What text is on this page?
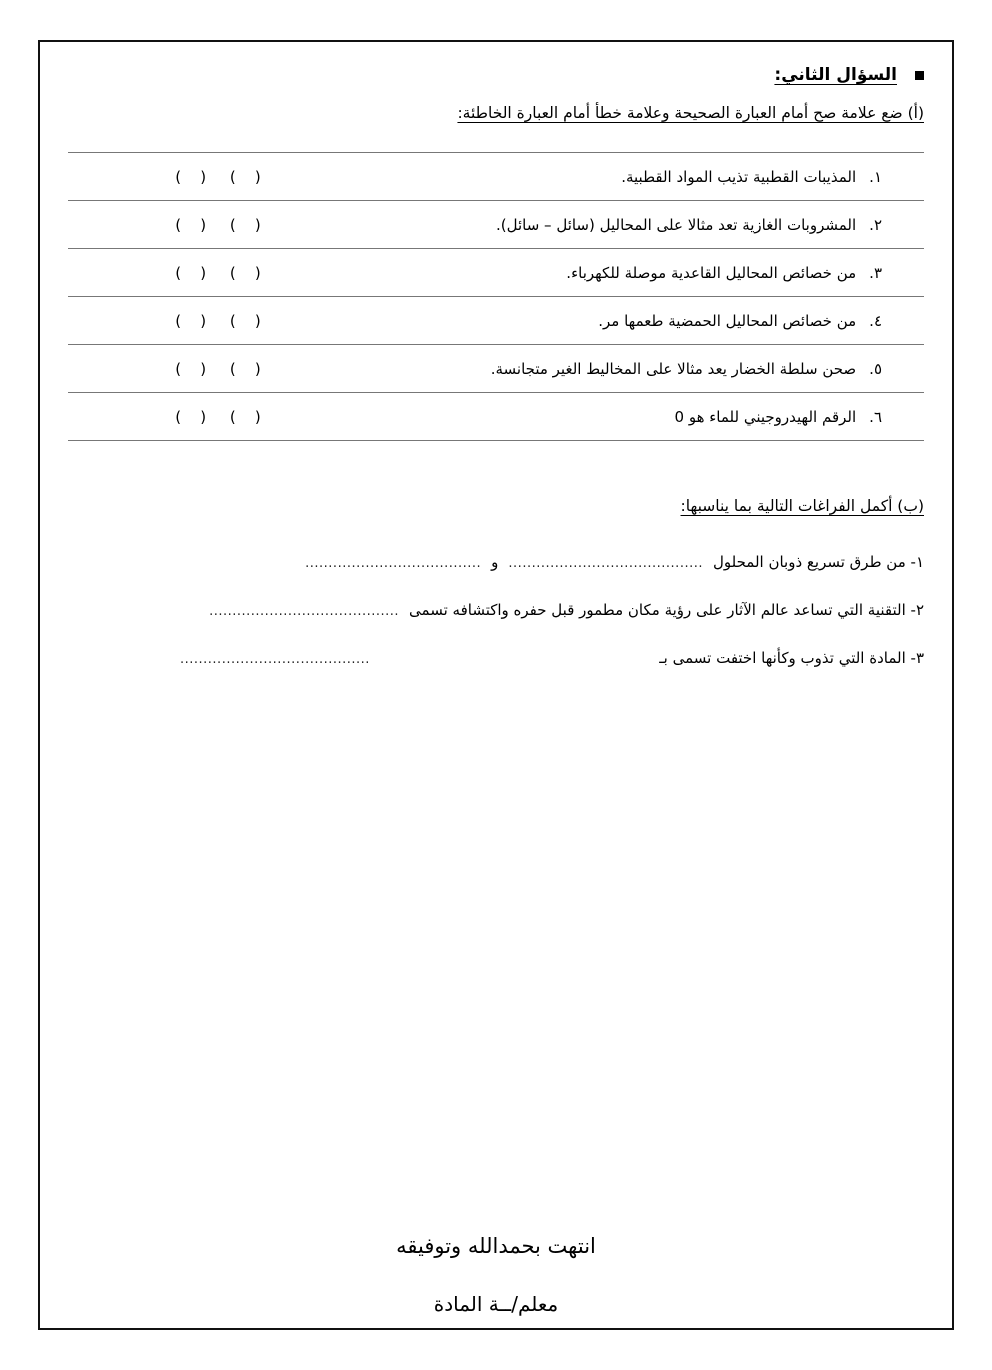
السؤال الثاني:
(أ) ضع علامة صح أمام العبارة الصحيحة وعلامة خطأ أمام العبارة الخاطئة:
١.
المذيبات القطبية تذيب المواد القطبية.
(    )     (    )
٢.
المشروبات الغازية تعد مثالا على المحاليل (سائل – سائل).
(    )     (    )
٣.
من خصائص المحاليل القاعدية موصلة للكهرباء.
(    )     (    )
٤.
من خصائص المحاليل الحمضية طعمها مر.
(    )     (    )
٥.
صحن سلطة الخضار يعد مثالا على المخاليط الغير متجانسة.
(    )     (    )
٦.
الرقم الهيدروجيني للماء هو 0
(    )     (    )
(ب) أكمل الفراغات التالية بما يناسبها:
١- من طرق تسريع ذوبان المحلول
..........................................
و
......................................
٢- التقنية التي تساعد عالم الآثار على رؤية مكان مطمور قبل حفره واكتشافه تسمى
.........................................
٣- المادة التي تذوب وكأنها اختفت تسمى بـ
.........................................
انتهت بحمدالله وتوفيقه
معلم/ــة المادة
